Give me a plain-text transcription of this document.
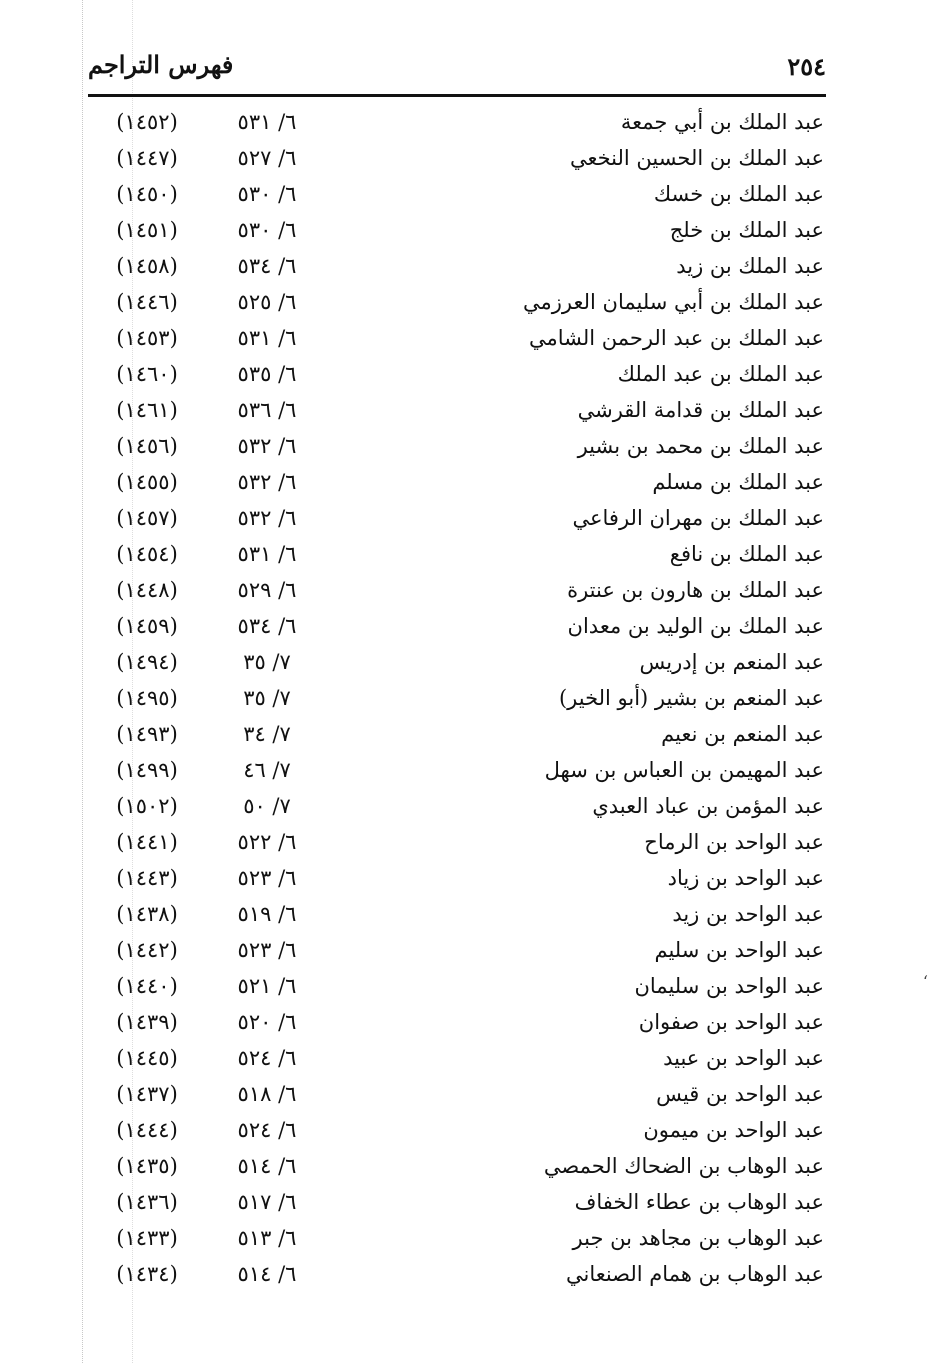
٢٥٤
فهرس التراجم
عبد الملك بن أبي جمعة
٦/ ٥٣١
(١٤٥٢)
عبد الملك بن الحسين النخعي
٦/ ٥٢٧
(١٤٤٧)
عبد الملك بن خسك
٦/ ٥٣٠
(١٤٥٠)
عبد الملك بن خلج
٦/ ٥٣٠
(١٤٥١)
عبد الملك بن زيد
٦/ ٥٣٤
(١٤٥٨)
عبد الملك بن أبي سليمان العرزمي
٦/ ٥٢٥
(١٤٤٦)
عبد الملك بن عبد الرحمن الشامي
٦/ ٥٣١
(١٤٥٣)
عبد الملك بن عبد الملك
٦/ ٥٣٥
(١٤٦٠)
عبد الملك بن قدامة القرشي
٦/ ٥٣٦
(١٤٦١)
عبد الملك بن محمد بن بشير
٦/ ٥٣٢
(١٤٥٦)
عبد الملك بن مسلم
٦/ ٥٣٢
(١٤٥٥)
عبد الملك بن مهران الرفاعي
٦/ ٥٣٢
(١٤٥٧)
عبد الملك بن نافع
٦/ ٥٣١
(١٤٥٤)
عبد الملك بن هارون بن عنترة
٦/ ٥٢٩
(١٤٤٨)
عبد الملك بن الوليد بن معدان
٦/ ٥٣٤
(١٤٥٩)
عبد المنعم بن إدريس
٧/ ٣٥
(١٤٩٤)
عبد المنعم بن بشير (أبو الخير)
٧/ ٣٥
(١٤٩٥)
عبد المنعم بن نعيم
٧/ ٣٤
(١٤٩٣)
عبد المهيمن بن العباس بن سهل
٧/ ٤٦
(١٤٩٩)
عبد المؤمن بن عباد العبدي
٧/ ٥٠
(١٥٠٢)
عبد الواحد بن الرماح
٦/ ٥٢٢
(١٤٤١)
عبد الواحد بن زياد
٦/ ٥٢٣
(١٤٤٣)
عبد الواحد بن زيد
٦/ ٥١٩
(١٤٣٨)
عبد الواحد بن سليم
٦/ ٥٢٣
(١٤٤٢)
عبد الواحد بن سليمان
٦/ ٥٢١
(١٤٤٠)
عبد الواحد بن صفوان
٦/ ٥٢٠
(١٤٣٩)
عبد الواحد بن عبيد
٦/ ٥٢٤
(١٤٤٥)
عبد الواحد بن قيس
٦/ ٥١٨
(١٤٣٧)
عبد الواحد بن ميمون
٦/ ٥٢٤
(١٤٤٤)
عبد الوهاب بن الضحاك الحمصي
٦/ ٥١٤
(١٤٣٥)
عبد الوهاب بن عطاء الخفاف
٦/ ٥١٧
(١٤٣٦)
عبد الوهاب بن مجاهد بن جبر
٦/ ٥١٣
(١٤٣٣)
عبد الوهاب بن همام الصنعاني
٦/ ٥١٤
(١٤٣٤)
ʻ
